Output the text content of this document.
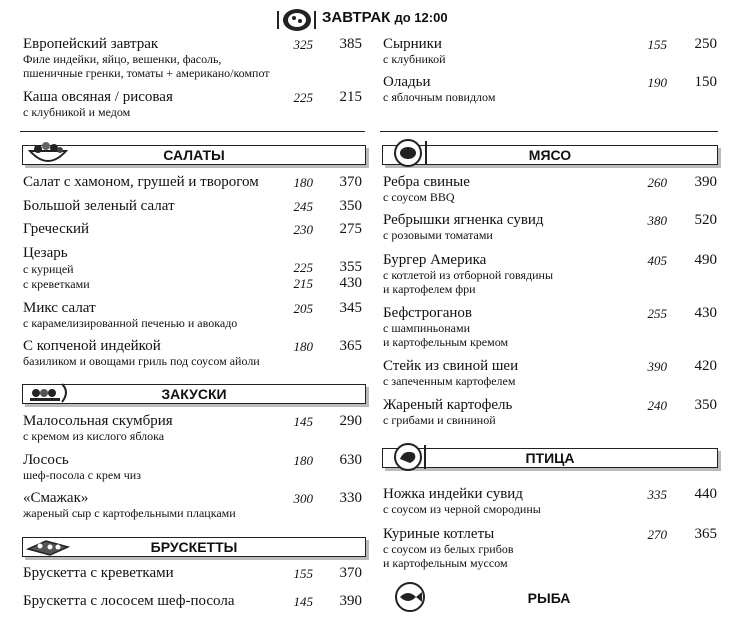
ЗАВТРАК до 12:00
Европейский завтрак	325	385
Филе индейки, яйцо, вешенки, фасоль,
пшеничные гренки, томаты + американо/компот
Каша овсяная / рисовая	225	215
с клубникой и медом
Сырники	155	250
с клубникой
Оладьи	190	150
с яблочным повидлом
САЛАТЫ
Салат с хамоном, грушей и творогом	180	370
Большой зеленый салат	245	350
Греческий	230	275
Цезарь
с курицей	225	355
с креветками	215	430
Микс салат	205	345
с карамелизированной печенью и авокадо
С копченой индейкой	180	365
базиликом и овощами гриль под соусом айоли
ЗАКУСКИ
Малосольная скумбрия	145	290
с кремом из кислого яблока
Лосось	180	630
шеф-посола с крем чиз
«Смажак»	300	330
жареный сыр с картофельными плацками
БРУСКЕТТЫ
Брускетта с креветками	155	370
Брускетта с лососем шеф-посола	145	390
МЯСО
Ребра свиные	260	390
с соусом BBQ
Ребрышки ягненка сувид	380	520
с розовыми томатами
Бургер Америка	405	490
с котлетой из отборной говядины
и картофелем фри
Бефстроганов	255	430
с шампиньонами
и картофельным кремом
Стейк из свиной шеи	390	420
с запеченным картофелем
Жареный картофель	240	350
с грибами и свининой
ПТИЦА
Ножка индейки сувид	335	440
с соусом из черной смородины
Куриные котлеты	270	365
с соусом из белых грибов
и картофельным муссом
РЫБА
